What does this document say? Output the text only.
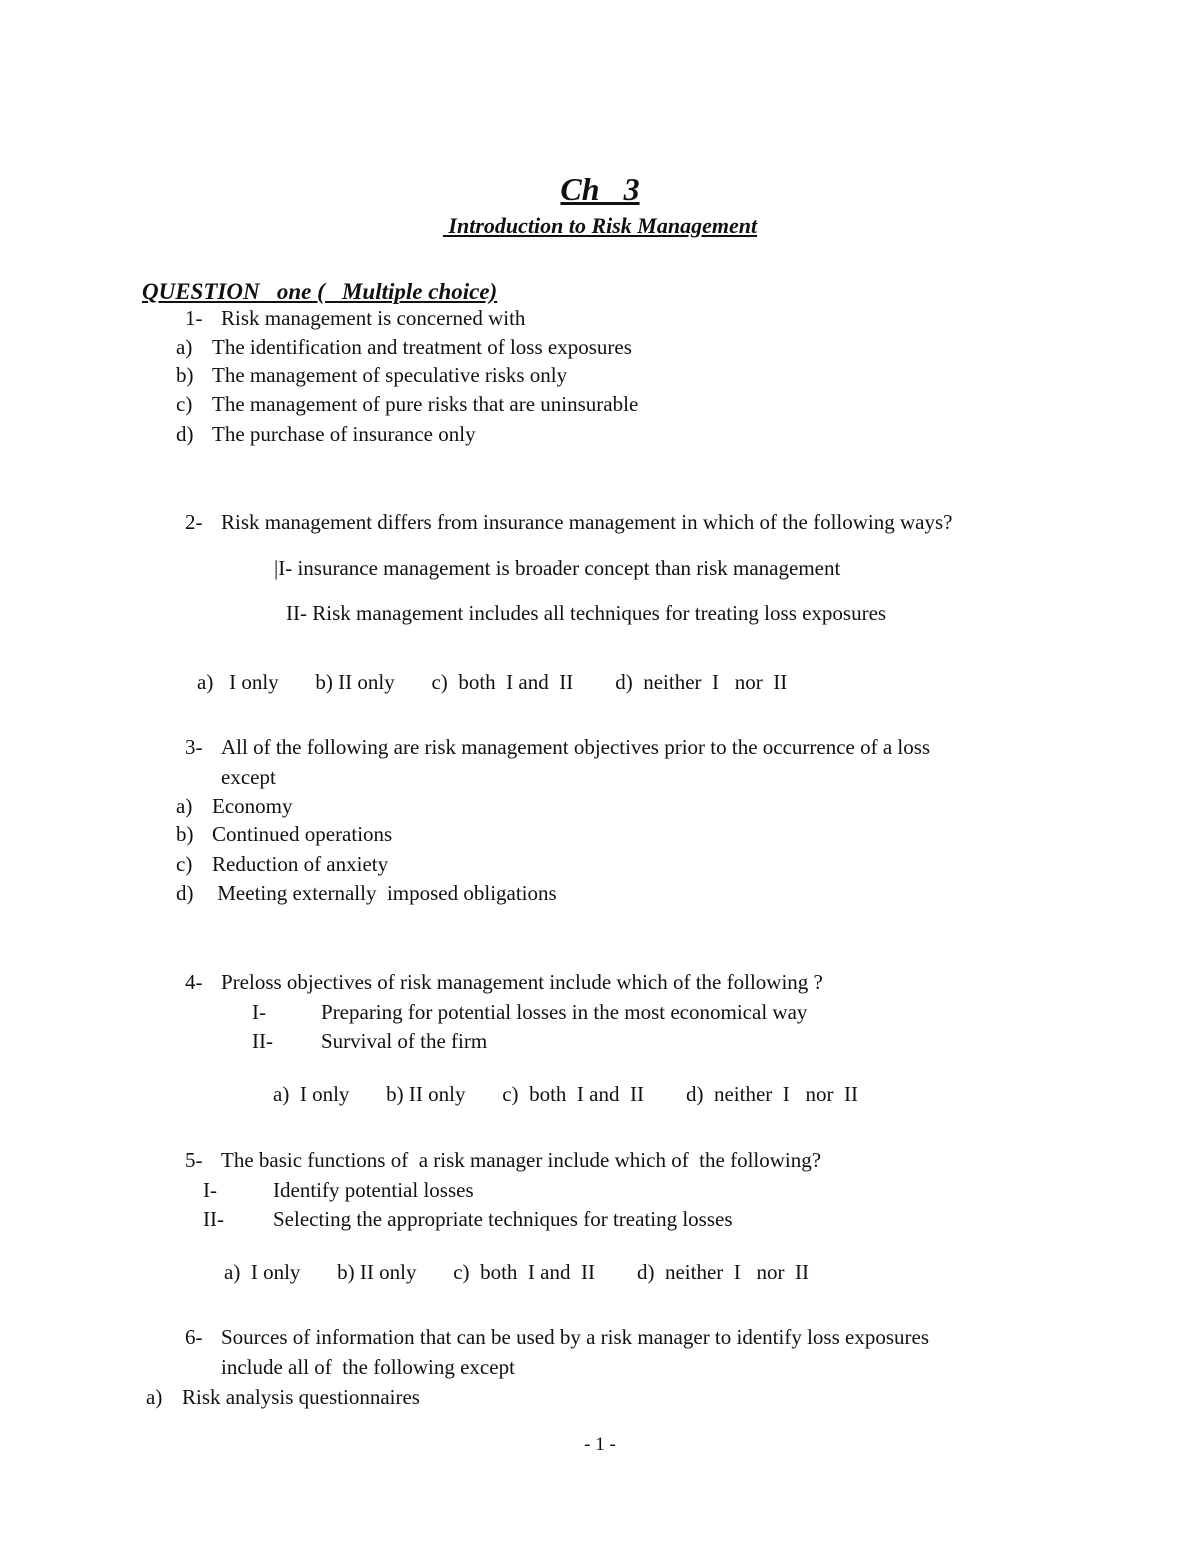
Ch   3
Introduction to Risk Management
QUESTION   one (   Multiple choice)
1- Risk management is concerned with
a) The identification and treatment of loss exposures
b) The management of speculative risks only
c) The management of pure risks that are uninsurable
d) The purchase of insurance only
2- Risk management differs from insurance management in which of the following ways?
|I- insurance management is broader concept than risk management
II- Risk management includes all techniques for treating loss exposures

a) I only b) II only c) both  I and  II d) neither  I   nor  II

3- All of the following are risk management objectives prior to the occurrence of a loss
except
a) Economy
b) Continued operations
c) Reduction of anxiety
d) Meeting externally  imposed obligations
4- Preloss objectives of risk management include which of the following ?
I-	Preparing for potential losses in the most economical way
II- Survival of the firm

a) I only b) II only c) both  I and  II d) neither  I   nor  II

5- The basic functions of  a risk manager include which of  the following?
I-	Identify potential losses
II- Selecting the appropriate techniques for treating losses

a) I only b) II only c) both  I and  II d) neither  I   nor  II

6- Sources of information that can be used by a risk manager to identify loss exposures
include all of  the following except
a) Risk analysis questionnaires
- 1 -
